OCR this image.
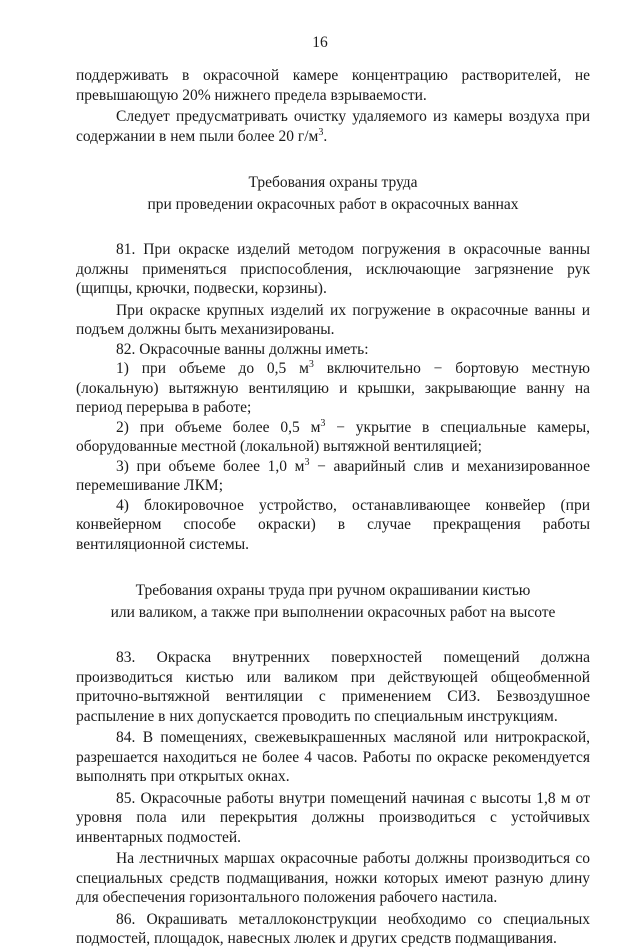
16

поддерживать в окрасочной камере концентрацию растворителей, не превышающую 20% нижнего предела взрываемости.

Следует предусматривать очистку удаляемого из камеры воздуха при содержании в нем пыли более 20 $г/м^3$.

Требования охраны труда
при проведении окрасочных работ в окрасочных ваннах

81. При окраске изделий методом погружения в окрасочные ванны должны применяться приспособления, исключающие загрязнение рук (щипцы, крючки, подвески, корзины).

При окраске крупных изделий их погружение в окрасочные ванны и подъем должны быть механизированы.

82. Окрасочные ванны должны иметь:

1) при объеме до 0,5 $м^3$ включительно − бортовую местную (локальную) вытяжную вентиляцию и крышки, закрывающие ванну на период перерыва в работе;

2) при объеме более 0,5 $м^3$ − укрытие в специальные камеры, оборудованные местной (локальной) вытяжной вентиляцией;

3) при объеме более 1,0 $м^3$ − аварийный слив и механизированное перемешивание ЛКМ;

4) блокировочное устройство, останавливающее конвейер (при конвейерном способе окраски) в случае прекращения работы вентиляционной системы.

Требования охраны труда при ручном окрашивании кистью
или валиком, а также при выполнении окрасочных работ на высоте

83. Окраска внутренних поверхностей помещений должна производиться кистью или валиком при действующей общеобменной приточно-вытяжной вентиляции с применением СИЗ. Безвоздушное распыление в них допускается проводить по специальным инструкциям.

84. В помещениях, свежевыкрашенных масляной или нитрокраской, разрешается находиться не более 4 часов. Работы по окраске рекомендуется выполнять при открытых окнах.

85. Окрасочные работы внутри помещений начиная с высоты 1,8 м от уровня пола или перекрытия должны производиться с устойчивых инвентарных подмостей.

На лестничных маршах окрасочные работы должны производиться со специальных средств подмащивания, ножки которых имеют разную длину для обеспечения горизонтального положения рабочего настила.

86. Окрашивать металлоконструкции необходимо со специальных подмостей, площадок, навесных люлек и других средств подмащивания.
